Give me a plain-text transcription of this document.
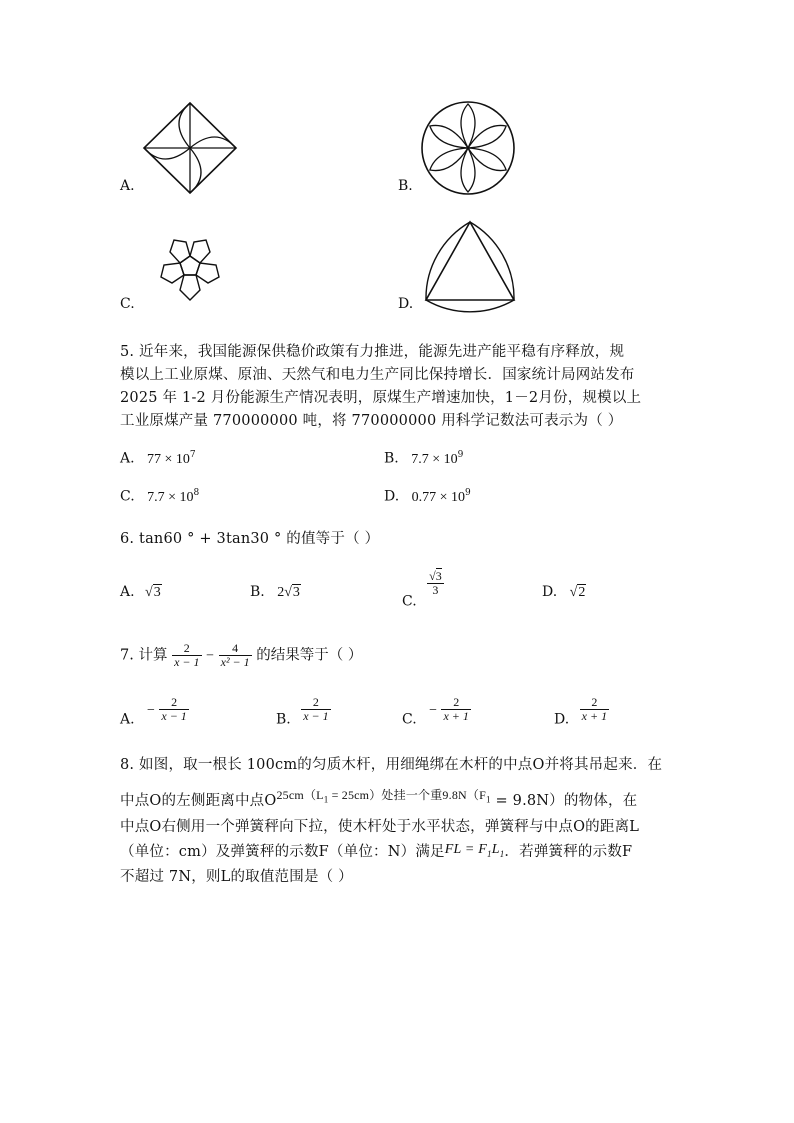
A.	B.
C.	D.
5. 近年来，我国能源保供稳价政策有力推进，能源先进产能平稳有序释放，规
模以上工业原煤、原油、天然气和电力生产同比保持增长．国家统计局网站发布
2025 年 1-2 月份能源生产情况表明，原煤生产增速加快，1－2月份，规模以上
工业原煤产量 770000000 吨，将 770000000 用科学记数法可表示为（ ）
A. $77 \times 10^7$	B. $7.7 \times 10^9$
C. $7.7 \times 10^8$	D. $0.77 \times 10^9$
6. tan60 ° + 3tan30 ° 的值等于（ ）
A. √3	B. 2√3
C.
$\frac{√3}{3}$	D. √2
7. 计算 $\frac{2}{x - 1} - \frac{4}{\text{x² − 1}}$ 的结果等于（ ）
A. − $\frac{2}{x - 1}$	B. $\frac{2}{x - 1}$	C. − $\frac{2}{x + 1}$	D. $\frac{2}{x + 1}$
8. 如图，取一根长 100cm的匀质木杆，用细绳绑在木杆的中点O并将其吊起来．在
中点O的左侧距离中点$O^{25cm(L_1 = 25cm)处挂一个重9.8N(F_1} = 9.8N$）的物体，在
中点O右侧用一个弹簧秤向下拉，使木杆处于水平状态，弹簧秤与中点O的距离L
（单位：cm）及弹簧秤的示数F（单位：N）满足FL = $F_1L_1$．若弹簧秤的示数F
不超过 7N，则L的取值范围是（ ）
